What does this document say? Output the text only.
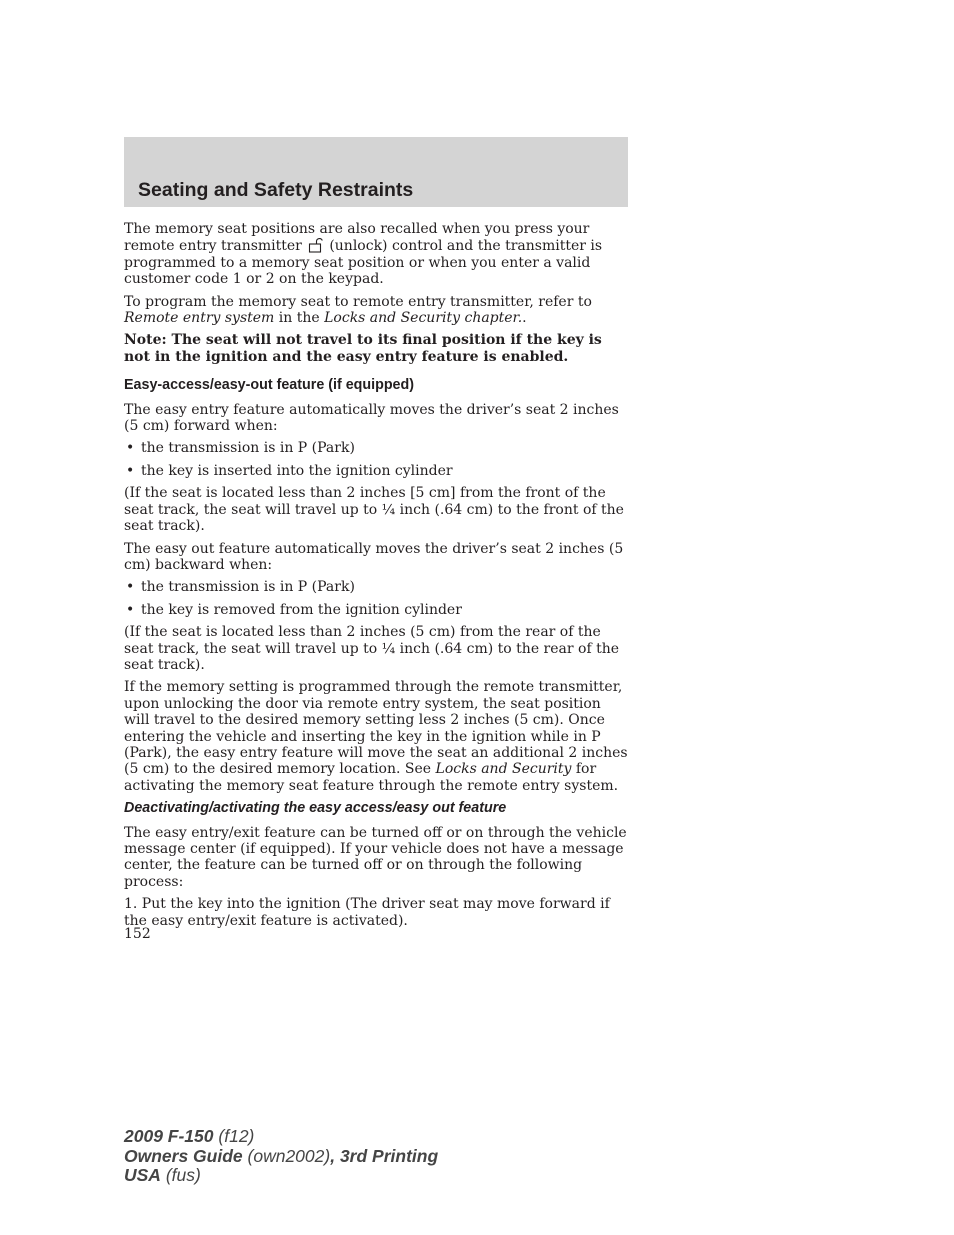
Seating and Safety Restraints

The memory seat positions are also recalled when you press your remote entry transmitter (unlock) control and the transmitter is programmed to a memory seat position or when you enter a valid customer code 1 or 2 on the keypad.

To program the memory seat to remote entry transmitter, refer to Remote entry system in the Locks and Security chapter..

Note: The seat will not travel to its final position if the key is not in the ignition and the easy entry feature is enabled.

Easy-access/easy-out feature (if equipped)

The easy entry feature automatically moves the driver’s seat 2 inches (5 cm) forward when:

• the transmission is in P (Park)
• the key is inserted into the ignition cylinder

(If the seat is located less than 2 inches [5 cm] from the front of the seat track, the seat will travel up to ¼ inch (.64 cm) to the front of the seat track).

The easy out feature automatically moves the driver’s seat 2 inches (5 cm) backward when:

• the transmission is in P (Park)
• the key is removed from the ignition cylinder

(If the seat is located less than 2 inches (5 cm) from the rear of the seat track, the seat will travel up to ¼ inch (.64 cm) to the rear of the seat track).

If the memory setting is programmed through the remote transmitter, upon unlocking the door via remote entry system, the seat position will travel to the desired memory setting less 2 inches (5 cm). Once entering the vehicle and inserting the key in the ignition while in P (Park), the easy entry feature will move the seat an additional 2 inches (5 cm) to the desired memory location. See Locks and Security for activating the memory seat feature through the remote entry system.

Deactivating/activating the easy access/easy out feature

The easy entry/exit feature can be turned off or on through the vehicle message center (if equipped). If your vehicle does not have a message center, the feature can be turned off or on through the following process:

1. Put the key into the ignition (The driver seat may move forward if the easy entry/exit feature is activated).

152
2009 F-150 (f12)
Owners Guide (own2002), 3rd Printing
USA (fus)
